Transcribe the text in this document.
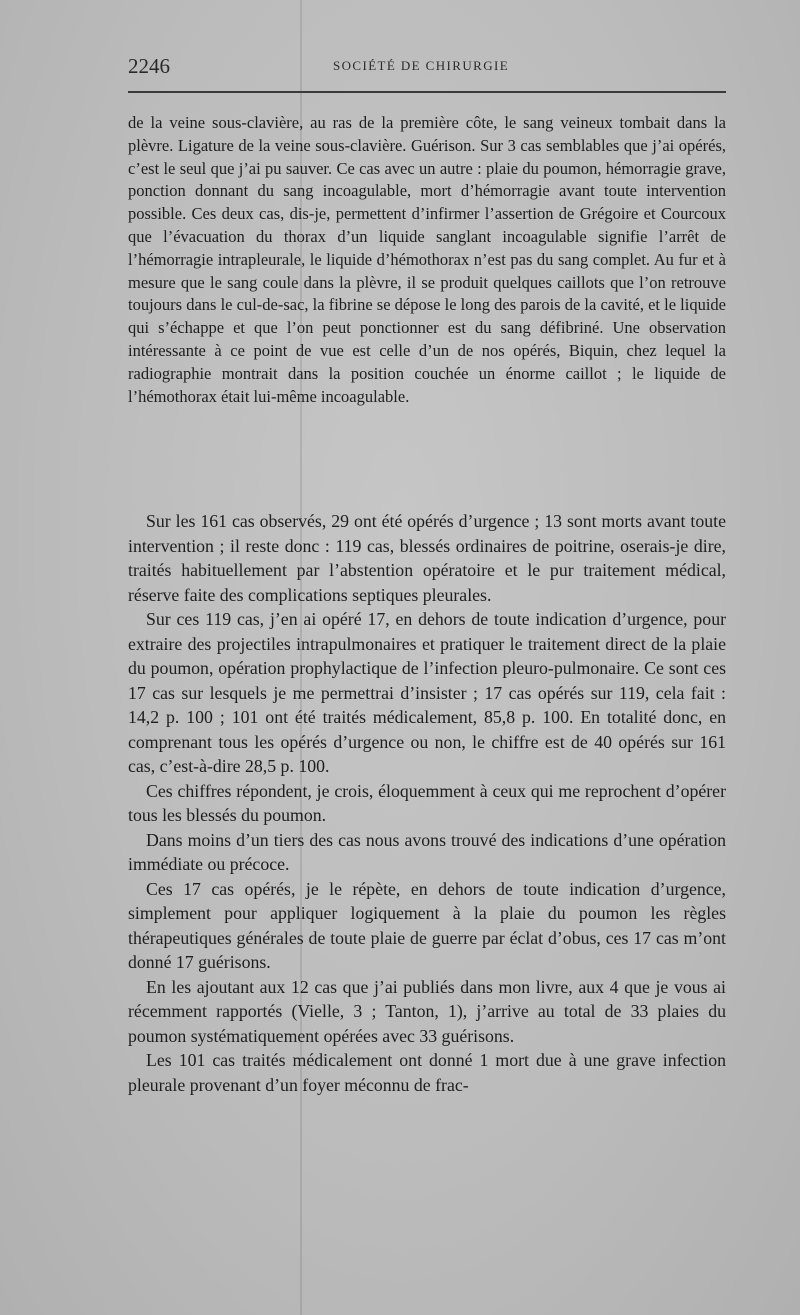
2246	SOCIÉTÉ DE CHIRURGIE

de la veine sous-clavière, au ras de la première côte, le sang veineux tombait dans la plèvre. Ligature de la veine sous-clavière. Guérison. Sur 3 cas semblables que j’ai opérés, c’est le seul que j’ai pu sauver. Ce cas avec un autre : plaie du poumon, hémorragie grave, ponction donnant du sang incoagulable, mort d’hémorragie avant toute intervention possible. Ces deux cas, dis-je, permettent d’infirmer l’assertion de Grégoire et Courcoux que l’évacuation du thorax d’un liquide sanglant incoagulable signifie l’arrêt de l’hémorragie intrapleurale, le liquide d’hémothorax n’est pas du sang complet. Au fur et à mesure que le sang coule dans la plèvre, il se produit quelques caillots que l’on retrouve toujours dans le cul-de-sac, la fibrine se dépose le long des parois de la cavité, et le liquide qui s’échappe et que l’on peut ponctionner est du sang défibriné. Une observation intéressante à ce point de vue est celle d’un de nos opérés, Biquin, chez lequel la radiographie montrait dans la position couchée un énorme caillot ; le liquide de l’hémothorax était lui-même incoagulable.

Sur les 161 cas observés, 29 ont été opérés d’urgence ; 13 sont morts avant toute intervention ; il reste donc : 119 cas, blessés ordinaires de poitrine, oserais-je dire, traités habituellement par l’abstention opératoire et le pur traitement médical, réserve faite des complications septiques pleurales.

Sur ces 119 cas, j’en ai opéré 17, en dehors de toute indication d’urgence, pour extraire des projectiles intrapulmonaires et pratiquer le traitement direct de la plaie du poumon, opération prophylactique de l’infection pleuro-pulmonaire. Ce sont ces 17 cas sur lesquels je me permettrai d’insister ; 17 cas opérés sur 119, cela fait : 14,2 p. 100 ; 101 ont été traités médicalement, 85,8 p. 100. En totalité donc, en comprenant tous les opérés d’urgence ou non, le chiffre est de 40 opérés sur 161 cas, c’est-à-dire 28,5 p. 100.

Ces chiffres répondent, je crois, éloquemment à ceux qui me reprochent d’opérer tous les blessés du poumon.

Dans moins d’un tiers des cas nous avons trouvé des indications d’une opération immédiate ou précoce.

Ces 17 cas opérés, je le répète, en dehors de toute indication d’urgence, simplement pour appliquer logiquement à la plaie du poumon les règles thérapeutiques générales de toute plaie de guerre par éclat d’obus, ces 17 cas m’ont donné 17 guérisons.

En les ajoutant aux 12 cas que j’ai publiés dans mon livre, aux 4 que je vous ai récemment rapportés (Vielle, 3 ; Tanton, 1), j’arrive au total de 33 plaies du poumon systématiquement opérées avec 33 guérisons.

Les 101 cas traités médicalement ont donné 1 mort due à une grave infection pleurale provenant d’un foyer méconnu de frac-
